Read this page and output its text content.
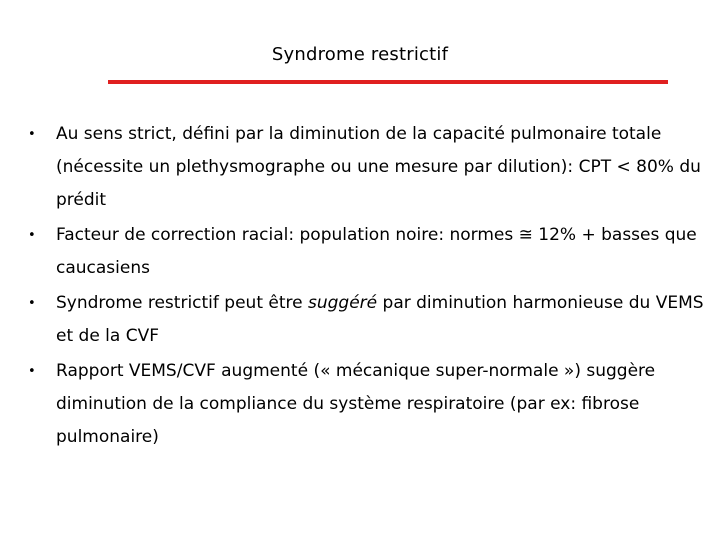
Syndrome restrictif
•	Au sens strict, défini par la diminution de la capacité pulmonaire totale (nécessite un plethysmographe ou une mesure par dilution): CPT < 80% du prédit
•	Facteur de correction racial: population noire: normes ≅ 12% + basses que caucasiens
•	Syndrome restrictif peut être suggéré par diminution harmonieuse du VEMS et de la CVF
•	Rapport VEMS/CVF augmenté (« mécanique super-normale ») suggère diminution de la compliance du système respiratoire (par ex: fibrose pulmonaire)
